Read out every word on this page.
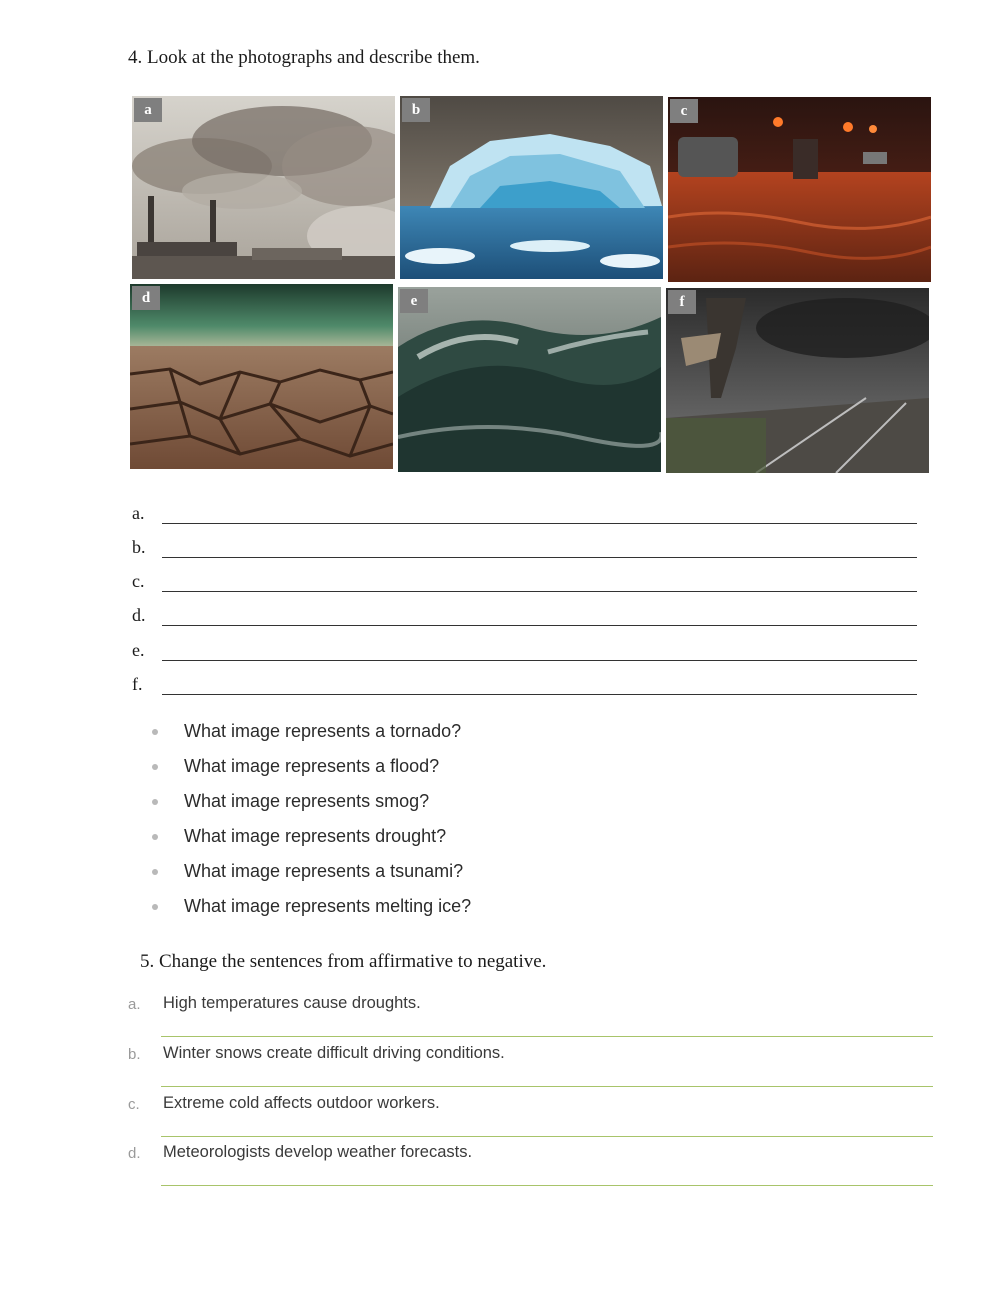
4. Look at the photographs and describe them.
a	b	c
d	e	f
a.
b.
c.
d.
e.
f.
What image represents a tornado?
What image represents a flood?
What image represents smog?
What image represents drought?
What image represents a tsunami?
What image represents melting ice?
5. Change the sentences from affirmative to negative.
a. High temperatures cause droughts.
b. Winter snows create difficult driving conditions.
c. Extreme cold affects outdoor workers.
d. Meteorologists develop weather forecasts.
